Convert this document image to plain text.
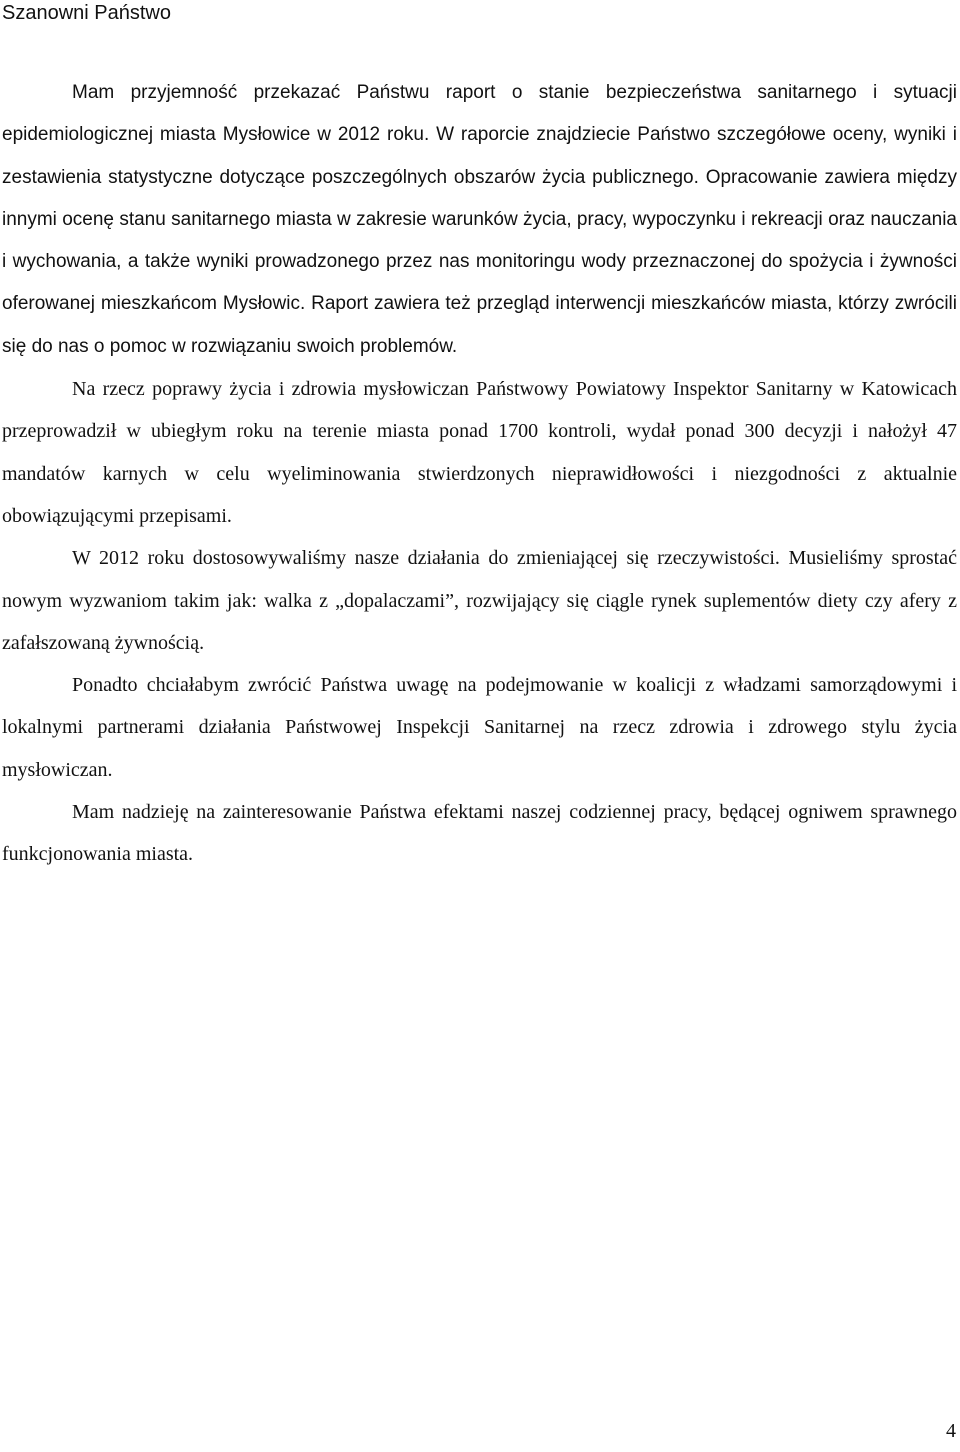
Szanowni Państwo

Mam przyjemność przekazać Państwu raport o stanie bezpieczeństwa sanitarnego i sytuacji epidemiologicznej miasta Mysłowice w 2012 roku. W raporcie znajdziecie Państwo szczegółowe oceny, wyniki i zestawienia statystyczne dotyczące poszczególnych obszarów życia publicznego. Opracowanie zawiera między innymi ocenę stanu sanitarnego miasta w zakresie warunków życia, pracy, wypoczynku i rekreacji oraz nauczania i wychowania, a także wyniki prowadzonego przez nas monitoringu wody przeznaczonej do spożycia i żywności oferowanej mieszkańcom Mysłowic. Raport zawiera też przegląd interwencji mieszkańców miasta, którzy zwrócili się do nas o pomoc w rozwiązaniu swoich problemów.

Na rzecz poprawy życia i zdrowia mysłowiczan Państwowy Powiatowy Inspektor Sanitarny w Katowicach przeprowadził w ubiegłym roku na terenie miasta ponad 1700 kontroli, wydał ponad 300 decyzji i nałożył 47 mandatów karnych w celu wyeliminowania stwierdzonych nieprawidłowości i niezgodności z aktualnie obowiązującymi przepisami.

W 2012 roku dostosowywaliśmy nasze działania do zmieniającej się rzeczywistości. Musieliśmy sprostać nowym wyzwaniom takim jak: walka z „dopalaczami”, rozwijający się ciągle rynek suplementów diety czy afery z zafałszowaną żywnością.

Ponadto chciałabym zwrócić Państwa uwagę na podejmowanie w koalicji z władzami samorządowymi i lokalnymi partnerami działania Państwowej Inspekcji Sanitarnej na rzecz zdrowia i zdrowego stylu życia mysłowiczan.

Mam nadzieję na zainteresowanie Państwa efektami naszej codziennej pracy, będącej ogniwem sprawnego funkcjonowania miasta.

4
